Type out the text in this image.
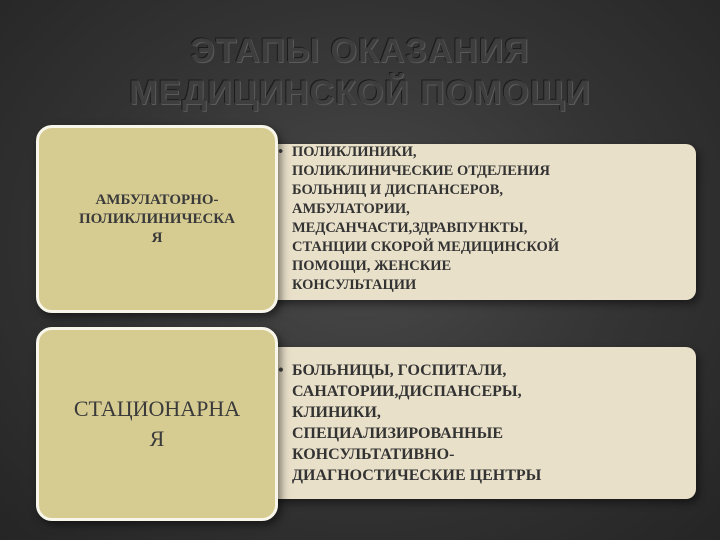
ЭТАПЫ ОКАЗАНИЯ
МЕДИЦИНСКОЙ ПОМОЩИ
АМБУЛАТОРНО-
ПОЛИКЛИНИЧЕСКА
Я
• ПОЛИКЛИНИКИ,
ПОЛИКЛИНИЧЕСКИЕ ОТДЕЛЕНИЯ
БОЛЬНИЦ И ДИСПАНСЕРОВ,
АМБУЛАТОРИИ,
МЕДСАНЧАСТИ,ЗДРАВПУНКТЫ,
СТАНЦИИ СКОРОЙ МЕДИЦИНСКОЙ
ПОМОЩИ, ЖЕНСКИЕ
КОНСУЛЬТАЦИИ
СТАЦИОНАРНА
Я
• БОЛЬНИЦЫ, ГОСПИТАЛИ,
САНАТОРИИ,ДИСПАНСЕРЫ,
КЛИНИКИ,
СПЕЦИАЛИЗИРОВАННЫЕ
КОНСУЛЬТАТИВНО-
ДИАГНОСТИЧЕСКИЕ ЦЕНТРЫ
